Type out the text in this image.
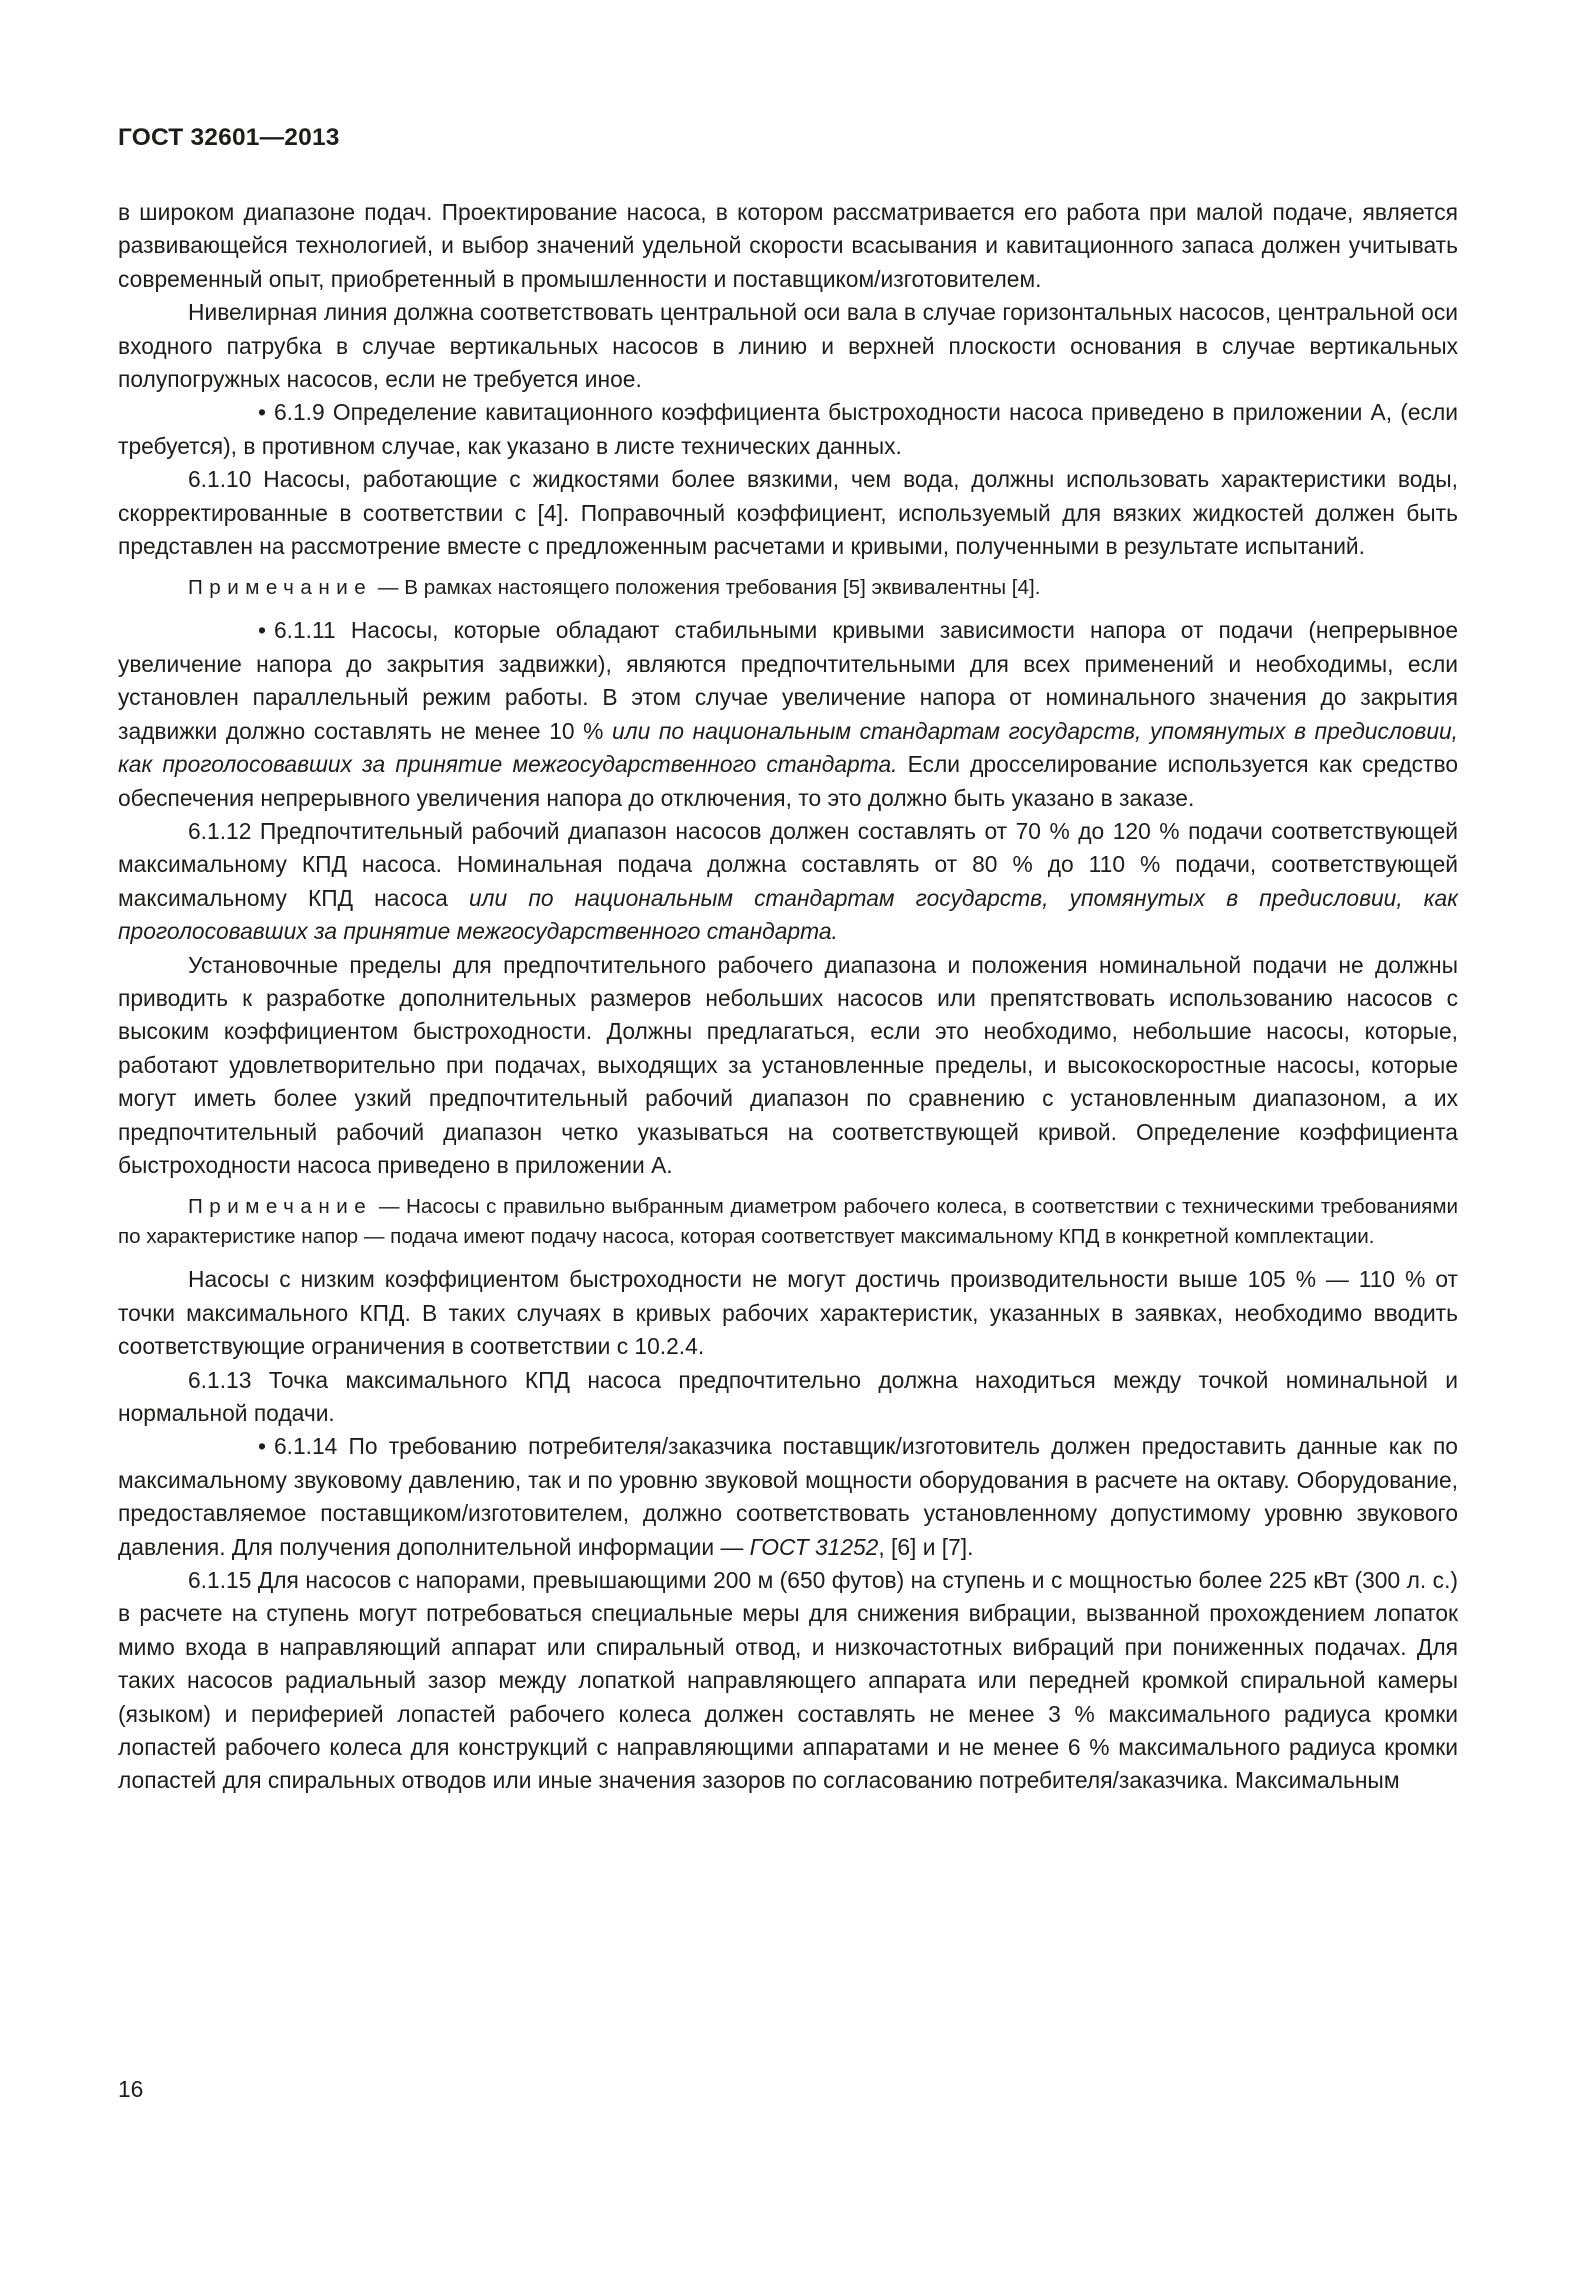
ГОСТ 32601—2013

в широком диапазоне подач. Проектирование насоса, в котором рассматривается его работа при малой подаче, является развивающейся технологией, и выбор значений удельной скорости всасывания и кавитационного запаса должен учитывать современный опыт, приобретенный в промышленности и поставщиком/изготовителем.

Нивелирная линия должна соответствовать центральной оси вала в случае горизонтальных насосов, центральной оси входного патрубка в случае вертикальных насосов в линию и верхней плоскости основания в случае вертикальных полупогружных насосов, если не требуется иное.

• 6.1.9 Определение кавитационного коэффициента быстроходности насоса приведено в приложении А, (если требуется), в противном случае, как указано в листе технических данных.

6.1.10 Насосы, работающие с жидкостями более вязкими, чем вода, должны использовать характеристики воды, скорректированные в соответствии с [4]. Поправочный коэффициент, используемый для вязких жидкостей должен быть представлен на рассмотрение вместе с предложенным расчетами и кривыми, полученными в результате испытаний.

Примечание — В рамках настоящего положения требования [5] эквивалентны [4].

• 6.1.11 Насосы, которые обладают стабильными кривыми зависимости напора от подачи (непрерывное увеличение напора до закрытия задвижки), являются предпочтительными для всех применений и необходимы, если установлен параллельный режим работы. В этом случае увеличение напора от номинального значения до закрытия задвижки должно составлять не менее 10 % или по национальным стандартам государств, упомянутых в предисловии, как проголосовавших за принятие межгосударственного стандарта. Если дросселирование используется как средство обеспечения непрерывного увеличения напора до отключения, то это должно быть указано в заказе.

6.1.12 Предпочтительный рабочий диапазон насосов должен составлять от 70 % до 120 % подачи соответствующей максимальному КПД насоса. Номинальная подача должна составлять от 80 % до 110 % подачи, соответствующей максимальному КПД насоса или по национальным стандартам государств, упомянутых в предисловии, как проголосовавших за принятие межгосударственного стандарта.

Установочные пределы для предпочтительного рабочего диапазона и положения номинальной подачи не должны приводить к разработке дополнительных размеров небольших насосов или препятствовать использованию насосов с высоким коэффициентом быстроходности. Должны предлагаться, если это необходимо, небольшие насосы, которые, работают удовлетворительно при подачах, выходящих за установленные пределы, и высокоскоростные насосы, которые могут иметь более узкий предпочтительный рабочий диапазон по сравнению с установленным диапазоном, а их предпочтительный рабочий диапазон четко указываться на соответствующей кривой. Определение коэффициента быстроходности насоса приведено в приложении А.

Примечание — Насосы с правильно выбранным диаметром рабочего колеса, в соответствии с техническими требованиями по характеристике напор — подача имеют подачу насоса, которая соответствует максимальному КПД в конкретной комплектации.

Насосы с низким коэффициентом быстроходности не могут достичь производительности выше 105 % — 110 % от точки максимального КПД. В таких случаях в кривых рабочих характеристик, указанных в заявках, необходимо вводить соответствующие ограничения в соответствии с 10.2.4.

6.1.13 Точка максимального КПД насоса предпочтительно должна находиться между точкой номинальной и нормальной подачи.

• 6.1.14 По требованию потребителя/заказчика поставщик/изготовитель должен предоставить данные как по максимальному звуковому давлению, так и по уровню звуковой мощности оборудования в расчете на октаву. Оборудование, предоставляемое поставщиком/изготовителем, должно соответствовать установленному допустимому уровню звукового давления. Для получения дополнительной информации — ГОСТ 31252, [6] и [7].

6.1.15 Для насосов с напорами, превышающими 200 м (650 футов) на ступень и с мощностью более 225 кВт (300 л. с.) в расчете на ступень могут потребоваться специальные меры для снижения вибрации, вызванной прохождением лопаток мимо входа в направляющий аппарат или спиральный отвод, и низкочастотных вибраций при пониженных подачах. Для таких насосов радиальный зазор между лопаткой направляющего аппарата или передней кромкой спиральной камеры (языком) и периферией лопастей рабочего колеса должен составлять не менее 3 % максимального радиуса кромки лопастей рабочего колеса для конструкций с направляющими аппаратами и не менее 6 % максимального радиуса кромки лопастей для спиральных отводов или иные значения зазоров по согласованию потребителя/заказчика. Максимальным

16
